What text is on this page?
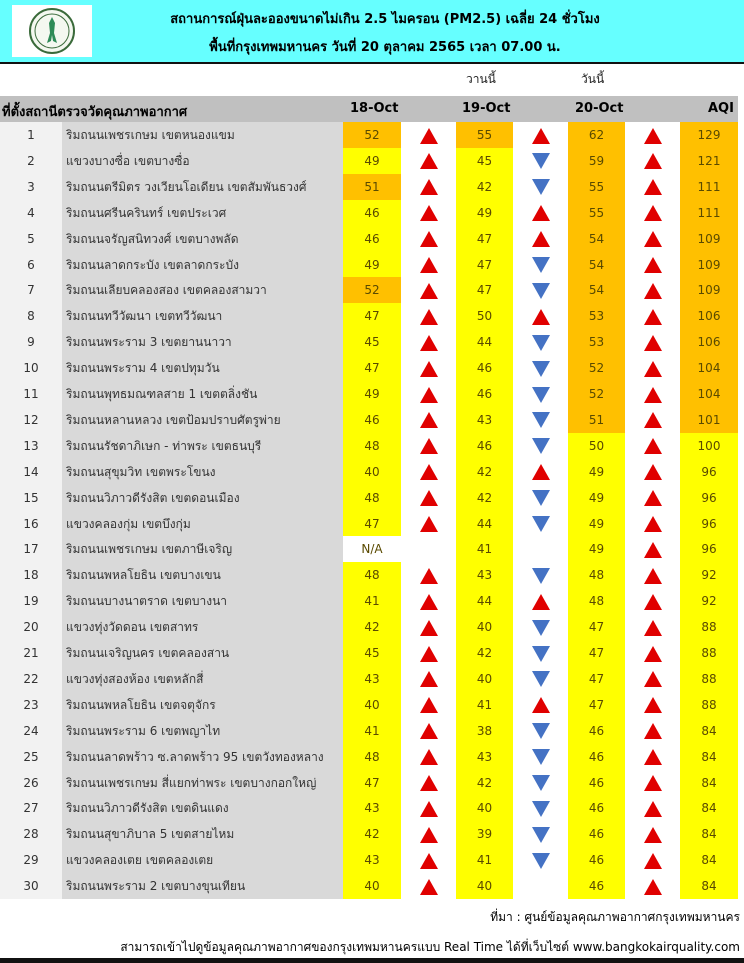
สถานการณ์ฝุ่นละอองขนาดไม่เกิน 2.5 ไมครอน (PM2.5) เฉลี่ย 24 ชั่วโมง
พื้นที่กรุงเทพมหานคร วันที่ 20 ตุลาคม 2565 เวลา 07.00 น.
วานนี้	วันนี้
ที่ตั้งสถานีตรวจวัดคุณภาพอากาศ	18-Oct	19-Oct	20-Oct	AQI
1	ริมถนนเพชรเกษม เขตหนองแขม	52	55	62	129
2	แขวงบางซื่อ เขตบางซื่อ	49	45	59	121
3	ริมถนนตรีมิตร วงเวียนโอเดียน เขตสัมพันธวงศ์	51	42	55	111
4	ริมถนนศรีนครินทร์ เขตประเวศ	46	49	55	111
5	ริมถนนจรัญสนิทวงศ์ เขตบางพลัด	46	47	54	109
6	ริมถนนลาดกระบัง เขตลาดกระบัง	49	47	54	109
7	ริมถนนเลียบคลองสอง เขตคลองสามวา	52	47	54	109
8	ริมถนนทวีวัฒนา เขตทวีวัฒนา	47	50	53	106
9	ริมถนนพระราม 3 เขตยานนาวา	45	44	53	106
10	ริมถนนพระราม 4 เขตปทุมวัน	47	46	52	104
11	ริมถนนพุทธมณฑลสาย 1 เขตตลิ่งชัน	49	46	52	104
12	ริมถนนหลานหลวง เขตป้อมปราบศัตรูพ่าย	46	43	51	101
13	ริมถนนรัชดาภิเษก - ท่าพระ เขตธนบุรี	48	46	50	100
14	ริมถนนสุขุมวิท เขตพระโขนง	40	42	49	96
15	ริมถนนวิภาวดีรังสิต เขตดอนเมือง	48	42	49	96
16	แขวงคลองกุ่ม เขตบึงกุ่ม	47	44	49	96
17	ริมถนนเพชรเกษม เขตภาษีเจริญ	N/A	41	49	96
18	ริมถนนพหลโยธิน เขตบางเขน	48	43	48	92
19	ริมถนนบางนาตราด เขตบางนา	41	44	48	92
20	แขวงทุ่งวัดดอน เขตสาทร	42	40	47	88
21	ริมถนนเจริญนคร เขตคลองสาน	45	42	47	88
22	แขวงทุ่งสองห้อง เขตหลักสี่	43	40	47	88
23	ริมถนนพหลโยธิน เขตจตุจักร	40	41	47	88
24	ริมถนนพระราม 6 เขตพญาไท	41	38	46	84
25	ริมถนนลาดพร้าว ซ.ลาดพร้าว 95 เขตวังทองหลาง	48	43	46	84
26	ริมถนนเพชรเกษม สี่แยกท่าพระ เขตบางกอกใหญ่	47	42	46	84
27	ริมถนนวิภาวดีรังสิต เขตดินแดง	43	40	46	84
28	ริมถนนสุขาภิบาล 5 เขตสายไหม	42	39	46	84
29	แขวงคลองเตย เขตคลองเตย	43	41	46	84
30	ริมถนนพระราม 2 เขตบางขุนเทียน	40	40	46	84
ที่มา : ศูนย์ข้อมูลคุณภาพอากาศกรุงเทพมหานคร
สามารถเข้าไปดูข้อมูลคุณภาพอากาศของกรุงเทพมหานครแบบ Real Time ได้ที่เว็บไซต์ www.bangkokairquality.com
